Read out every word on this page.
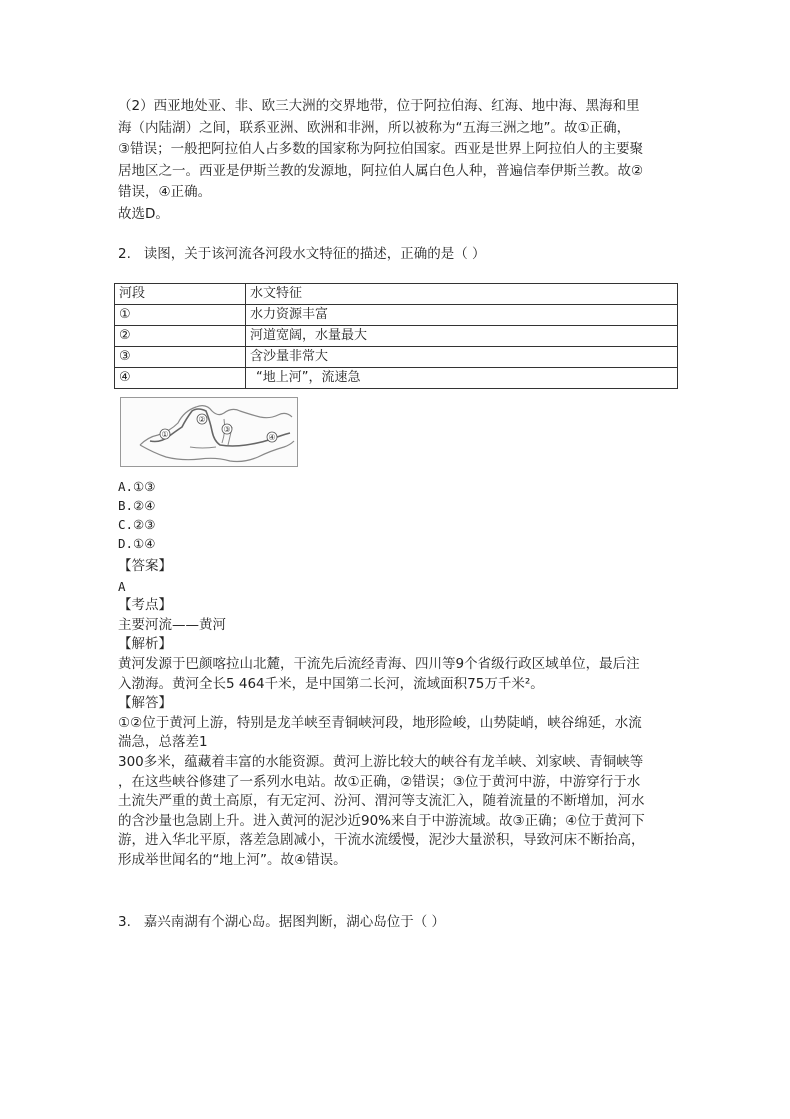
（2）西亚地处亚、非、欧三大洲的交界地带，位于阿拉伯海、红海、地中海、黑海和里

海（内陆湖）之间，联系亚洲、欧洲和非洲，所以被称为“五海三洲之地”。故①正确，

③错误；一般把阿拉伯人占多数的国家称为阿拉伯国家。西亚是世界上阿拉伯人的主要聚

居地区之一。西亚是伊斯兰教的发源地，阿拉伯人属白色人种，普遍信奉伊斯兰教。故②

错误，④正确。

故选D。

2. 读图，关于该河流各河段水文特征的描述，正确的是（ ）
河段	水文特征
①	水力资源丰富
②	河道宽阔，水量最大
③	含沙量非常大
④	“地上河”，流速急
①
②
③
④
A.①③
B.②④
C.②③
D.①④
【答案】
A
【考点】
主要河流——黄河
【解析】
黄河发源于巴颜喀拉山北麓，干流先后流经青海、四川等9个省级行政区域单位，最后注
入渤海。黄河全长5 464千米，是中国第二长河，流域面积75万千米²。
【解答】
①②位于黄河上游，特别是龙羊峡至青铜峡河段，地形险峻，山势陡峭，峡谷绵延，水流
湍急，总落差1
300多米，蕴藏着丰富的水能资源。黄河上游比较大的峡谷有龙羊峡、刘家峡、青铜峡等
，在这些峡谷修建了一系列水电站。故①正确，②错误；③位于黄河中游，中游穿行于水
土流失严重的黄土高原，有无定河、汾河、渭河等支流汇入，随着流量的不断增加，河水
的含沙量也急剧上升。进入黄河的泥沙近90%来自于中游流域。故③正确；④位于黄河下
游，进入华北平原，落差急剧减小，干流水流缓慢，泥沙大量淤积，导致河床不断抬高，
形成举世闻名的“地上河”。故④错误。
3. 嘉兴南湖有个湖心岛。据图判断，湖心岛位于（ ）
